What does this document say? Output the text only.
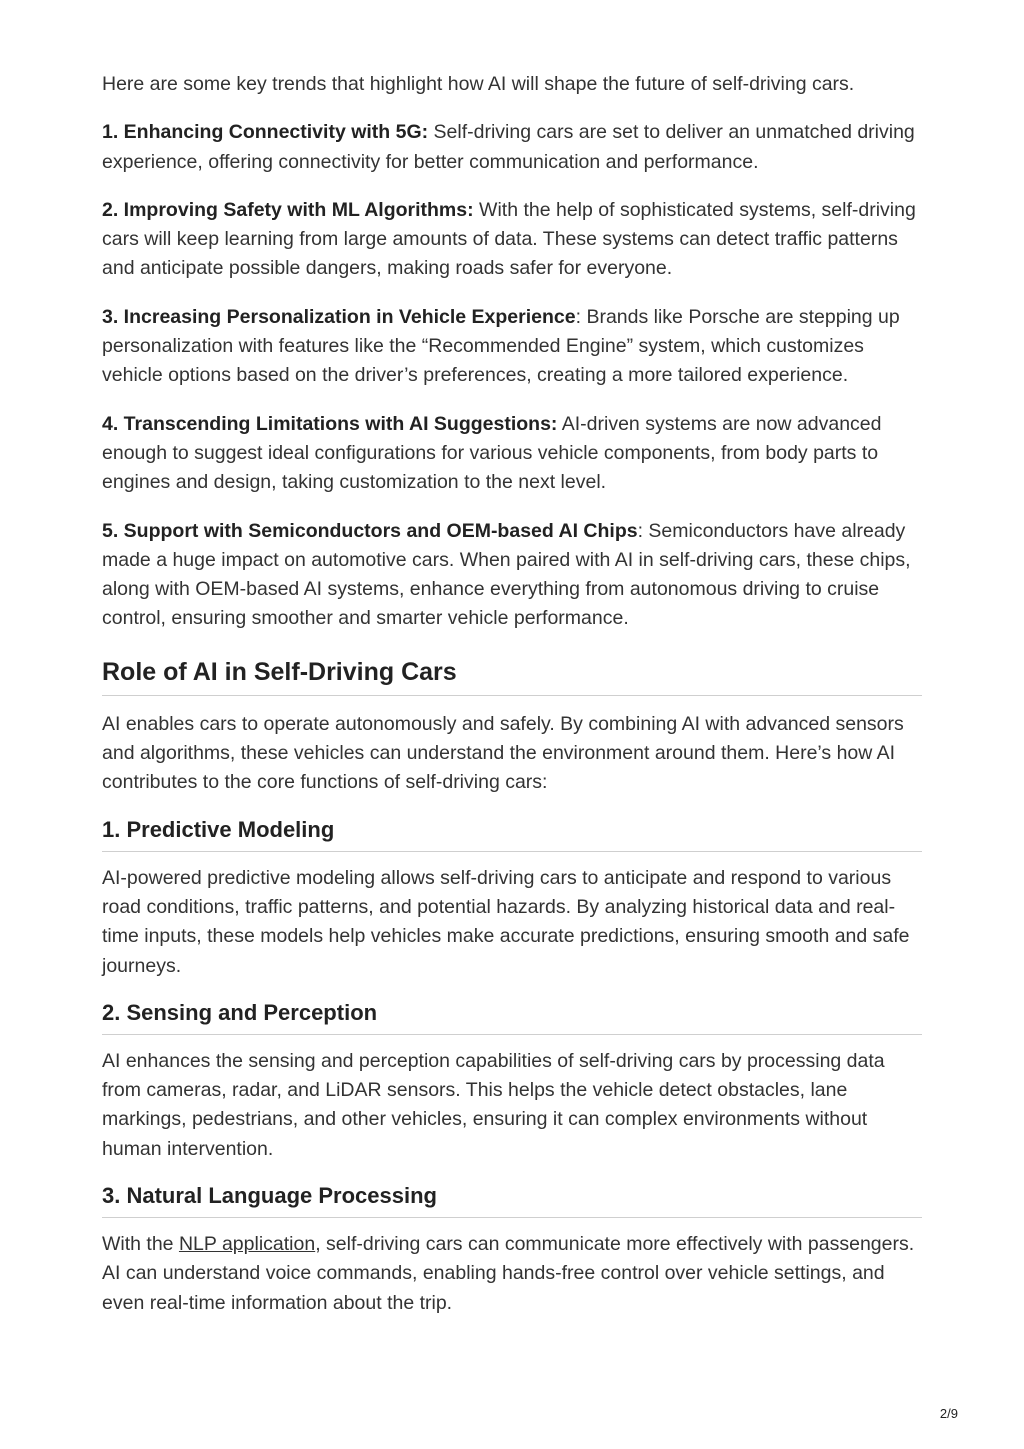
Here are some key trends that highlight how AI will shape the future of self-driving cars.

1. Enhancing Connectivity with 5G: Self-driving cars are set to deliver an unmatched driving experience, offering connectivity for better communication and performance.

2. Improving Safety with ML Algorithms: With the help of sophisticated systems, self-driving cars will keep learning from large amounts of data. These systems can detect traffic patterns and anticipate possible dangers, making roads safer for everyone.

3. Increasing Personalization in Vehicle Experience: Brands like Porsche are stepping up personalization with features like the “Recommended Engine” system, which customizes vehicle options based on the driver’s preferences, creating a more tailored experience.

4. Transcending Limitations with AI Suggestions: AI-driven systems are now advanced enough to suggest ideal configurations for various vehicle components, from body parts to engines and design, taking customization to the next level.

5. Support with Semiconductors and OEM-based AI Chips: Semiconductors have already made a huge impact on automotive cars. When paired with AI in self-driving cars, these chips, along with OEM-based AI systems, enhance everything from autonomous driving to cruise control, ensuring smoother and smarter vehicle performance.

Role of AI in Self-Driving Cars

AI enables cars to operate autonomously and safely. By combining AI with advanced sensors and algorithms, these vehicles can understand the environment around them. Here’s how AI contributes to the core functions of self-driving cars:

1. Predictive Modeling

AI-powered predictive modeling allows self-driving cars to anticipate and respond to various road conditions, traffic patterns, and potential hazards. By analyzing historical data and real-time inputs, these models help vehicles make accurate predictions, ensuring smooth and safe journeys.

2. Sensing and Perception

AI enhances the sensing and perception capabilities of self-driving cars by processing data from cameras, radar, and LiDAR sensors. This helps the vehicle detect obstacles, lane markings, pedestrians, and other vehicles, ensuring it can complex environments without human intervention.

3. Natural Language Processing

With the NLP application, self-driving cars can communicate more effectively with passengers. AI can understand voice commands, enabling hands-free control over vehicle settings, and even real-time information about the trip.

2/9
